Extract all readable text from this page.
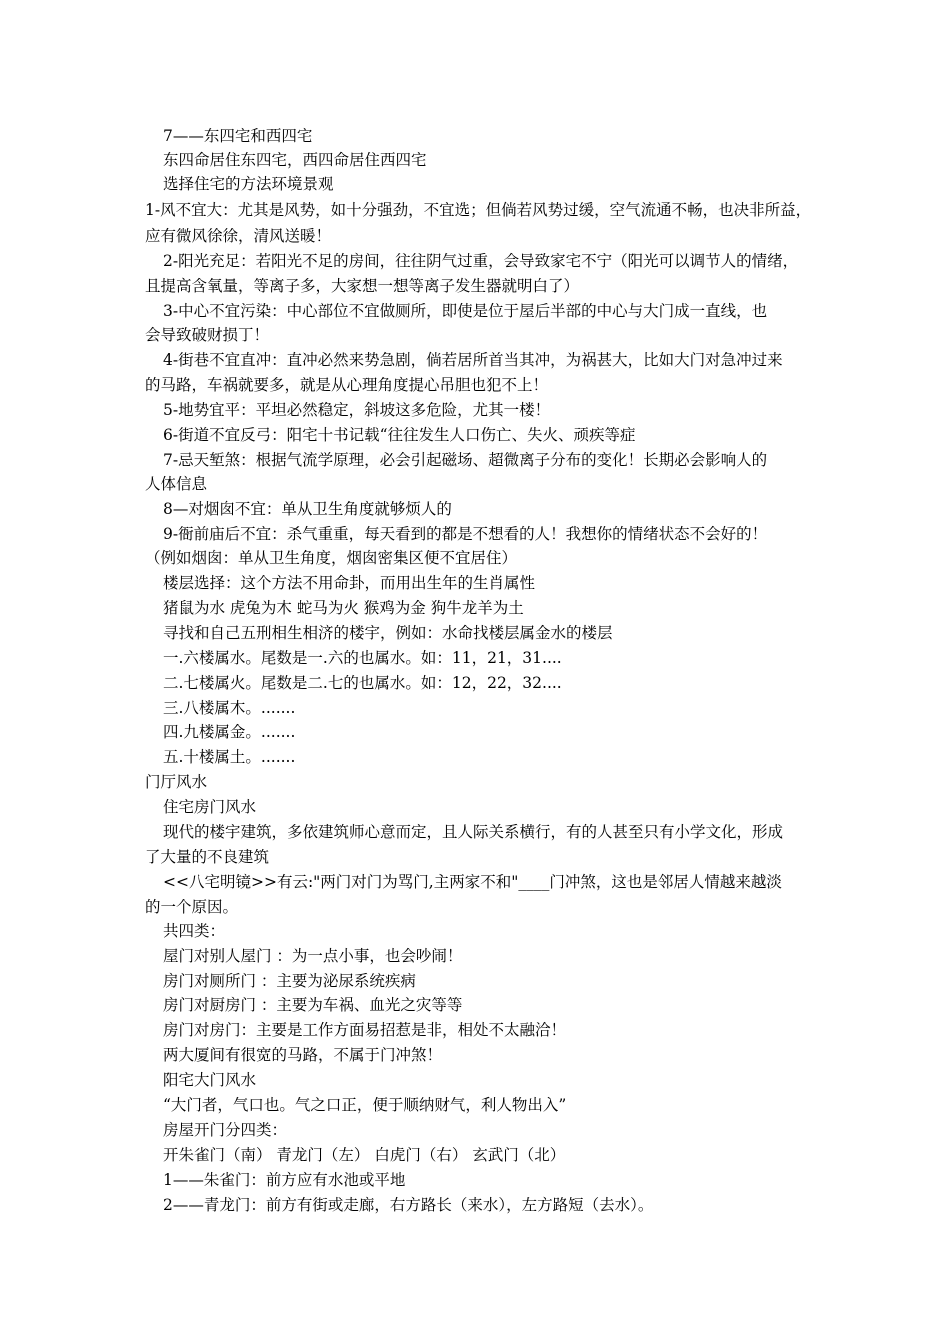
7——东四宅和西四宅
东四命居住东四宅，西四命居住西四宅
选择住宅的方法环境景观
1-风不宜大：尤其是风势，如十分强劲，不宜选；但倘若风势过缓，空气流通不畅，也决非所益，
应有微风徐徐，清风送暖！
2-阳光充足：若阳光不足的房间，往往阴气过重，会导致家宅不宁（阳光可以调节人的情绪，
且提高含氧量，等离子多，大家想一想等离子发生器就明白了）
3-中心不宜污染：中心部位不宜做厕所，即使是位于屋后半部的中心与大门成一直线，也
会导致破财损丁！
4-街巷不宜直冲：直冲必然来势急剧，倘若居所首当其冲，为祸甚大，比如大门对急冲过来
的马路，车祸就要多，就是从心理角度提心吊胆也犯不上！
5-地势宜平：平坦必然稳定，斜坡这多危险，尤其一楼！
6-街道不宜反弓：阳宅十书记载“往往发生人口伤亡、失火、顽疾等症
7-忌天堑煞：根据气流学原理，必会引起磁场、超微离子分布的变化！长期必会影响人的
人体信息
8—对烟囱不宜：单从卫生角度就够烦人的
9-衙前庙后不宜：杀气重重，每天看到的都是不想看的人！我想你的情绪状态不会好的！
（例如烟囱：单从卫生角度，烟囱密集区便不宜居住）
楼层选择：这个方法不用命卦，而用出生年的生肖属性
猪鼠为水 虎兔为木 蛇马为火 猴鸡为金 狗牛龙羊为土
寻找和自己五刑相生相济的楼宇，例如：水命找楼层属金水的楼层
一.六楼属水。尾数是一.六的也属水。如：11，21，31....
二.七楼属火。尾数是二.七的也属水。如：12，22，32....
三.八楼属木。.......
四.九楼属金。.......
五.十楼属土。.......
门厅风水
住宅房门风水
现代的楼宇建筑，多依建筑师心意而定，且人际关系横行，有的人甚至只有小学文化，形成
了大量的不良建筑
<<八宅明镜>>有云:"两门对门为骂门,主两家不和"____门冲煞，这也是邻居人情越来越淡
的一个原因。
共四类：
屋门对别人屋门 ：为一点小事，也会吵闹！
房门对厕所门 ：主要为泌尿系统疾病
房门对厨房门 ：主要为车祸、血光之灾等等
房门对房门：主要是工作方面易招惹是非，相处不太融洽！
两大厦间有很宽的马路，不属于门冲煞！
阳宅大门风水
“大门者，气口也。气之口正，便于顺纳财气，利人物出入”
房屋开门分四类：
开朱雀门（南） 青龙门（左） 白虎门（右） 玄武门（北）
1——朱雀门：前方应有水池或平地
2——青龙门：前方有街或走廊，右方路长（来水），左方路短（去水）。
